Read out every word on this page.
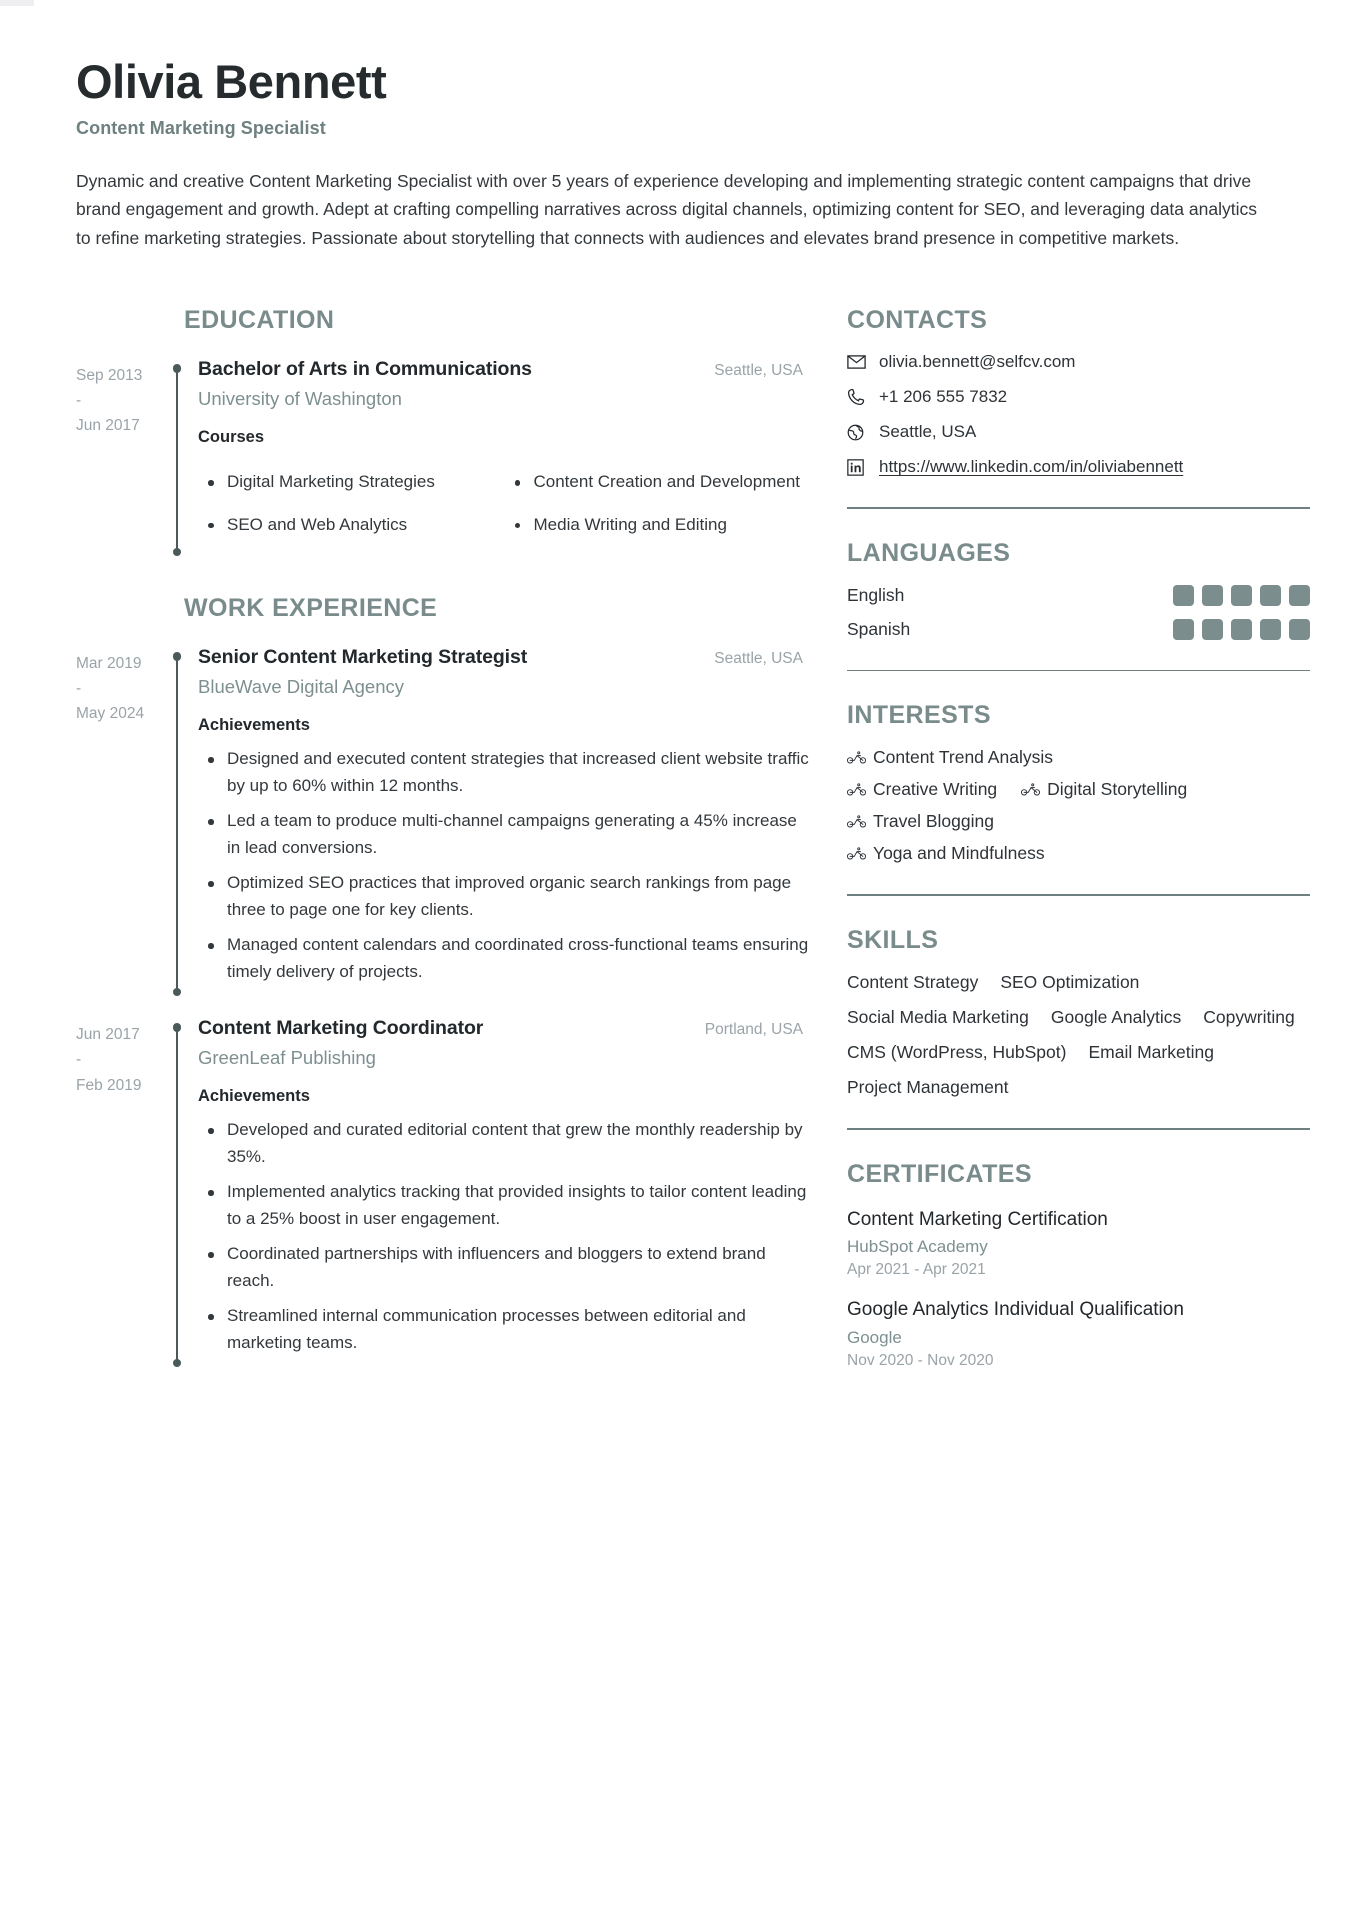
Olivia Bennett
Content Marketing Specialist
Dynamic and creative Content Marketing Specialist with over 5 years of experience developing and implementing strategic content campaigns that drive brand engagement and growth. Adept at crafting compelling narratives across digital channels, optimizing content for SEO, and leveraging data analytics to refine marketing strategies. Passionate about storytelling that connects with audiences and elevates brand presence in competitive markets.
EDUCATION
Sep 2013
-
Jun 2017
Bachelor of Arts in Communications	Seattle, USA
University of Washington
Courses
Digital Marketing Strategies
SEO and Web Analytics
Content Creation and Development
Media Writing and Editing
WORK EXPERIENCE
Mar 2019
-
May 2024
Senior Content Marketing Strategist	Seattle, USA
BlueWave Digital Agency
Achievements
Designed and executed content strategies that increased client website traffic by up to 60% within 12 months.
Led a team to produce multi-channel campaigns generating a 45% increase in lead conversions.
Optimized SEO practices that improved organic search rankings from page three to page one for key clients.
Managed content calendars and coordinated cross-functional teams ensuring timely delivery of projects.
Jun 2017
-
Feb 2019
Content Marketing Coordinator	Portland, USA
GreenLeaf Publishing
Achievements
Developed and curated editorial content that grew the monthly readership by 35%.
Implemented analytics tracking that provided insights to tailor content leading to a 25% boost in user engagement.
Coordinated partnerships with influencers and bloggers to extend brand reach.
Streamlined internal communication processes between editorial and marketing teams.
CONTACTS
olivia.bennett@selfcv.com
+1 206 555 7832
Seattle, USA
https://www.linkedin.com/in/oliviabennett
LANGUAGES
English
Spanish
INTERESTS
Content Trend Analysis
Creative Writing	Digital Storytelling
Travel Blogging
Yoga and Mindfulness
SKILLS
Content Strategy SEO Optimization
Social Media Marketing Google Analytics Copywriting
CMS (WordPress, HubSpot) Email Marketing
Project Management
CERTIFICATES
Content Marketing Certification
HubSpot Academy
Apr 2021 - Apr 2021
Google Analytics Individual Qualification
Google
Nov 2020 - Nov 2020
